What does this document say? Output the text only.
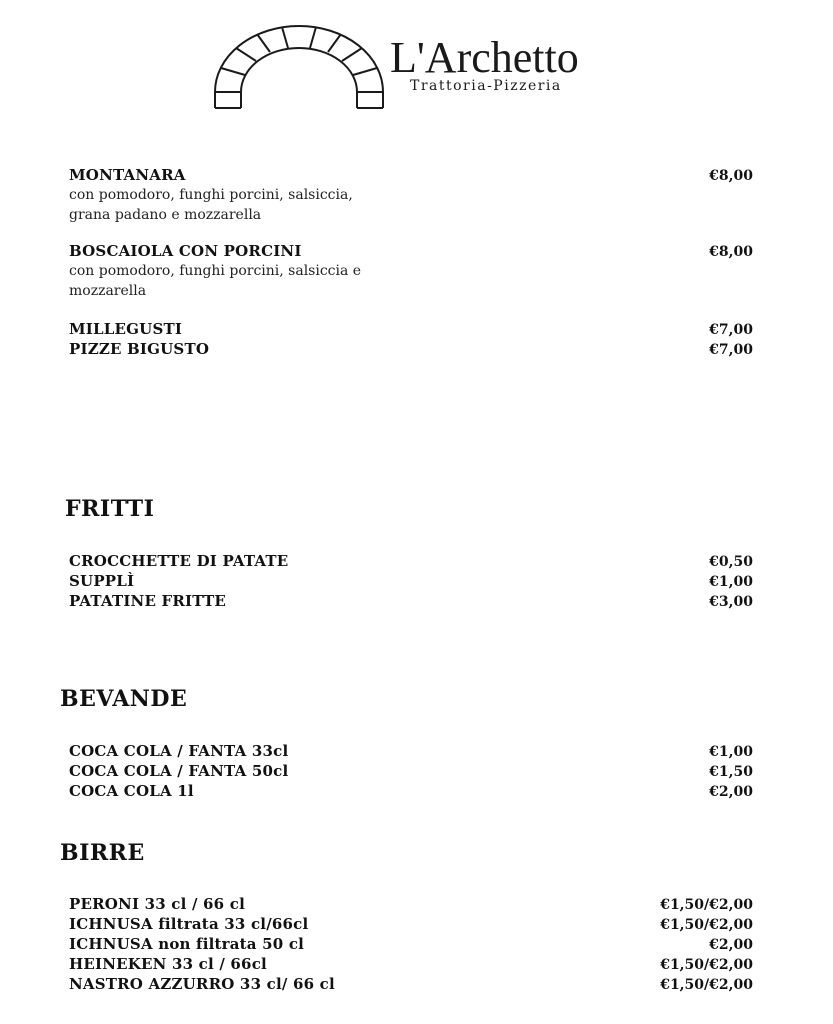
L'Archetto
Trattoria-Pizzeria
MONTANARA	€8,00
con pomodoro, funghi porcini, salsiccia, grana padano e mozzarella
BOSCAIOLA CON PORCINI	€8,00
con pomodoro, funghi porcini, salsiccia e mozzarella
MILLEGUSTI	€7,00
PIZZE BIGUSTO	€7,00
FRITTI
CROCCHETTE DI PATATE	€0,50
SUPPLÌ	€1,00
PATATINE FRITTE	€3,00
BEVANDE
COCA COLA / FANTA 33cl	€1,00
COCA COLA / FANTA 50cl	€1,50
COCA COLA 1l	€2,00
BIRRE
PERONI 33 cl / 66 cl	€1,50/€2,00
ICHNUSA filtrata 33 cl/66cl	€1,50/€2,00
ICHNUSA non filtrata 50 cl	€2,00
HEINEKEN 33 cl / 66cl	€1,50/€2,00
NASTRO AZZURRO 33 cl/ 66 cl	€1,50/€2,00
